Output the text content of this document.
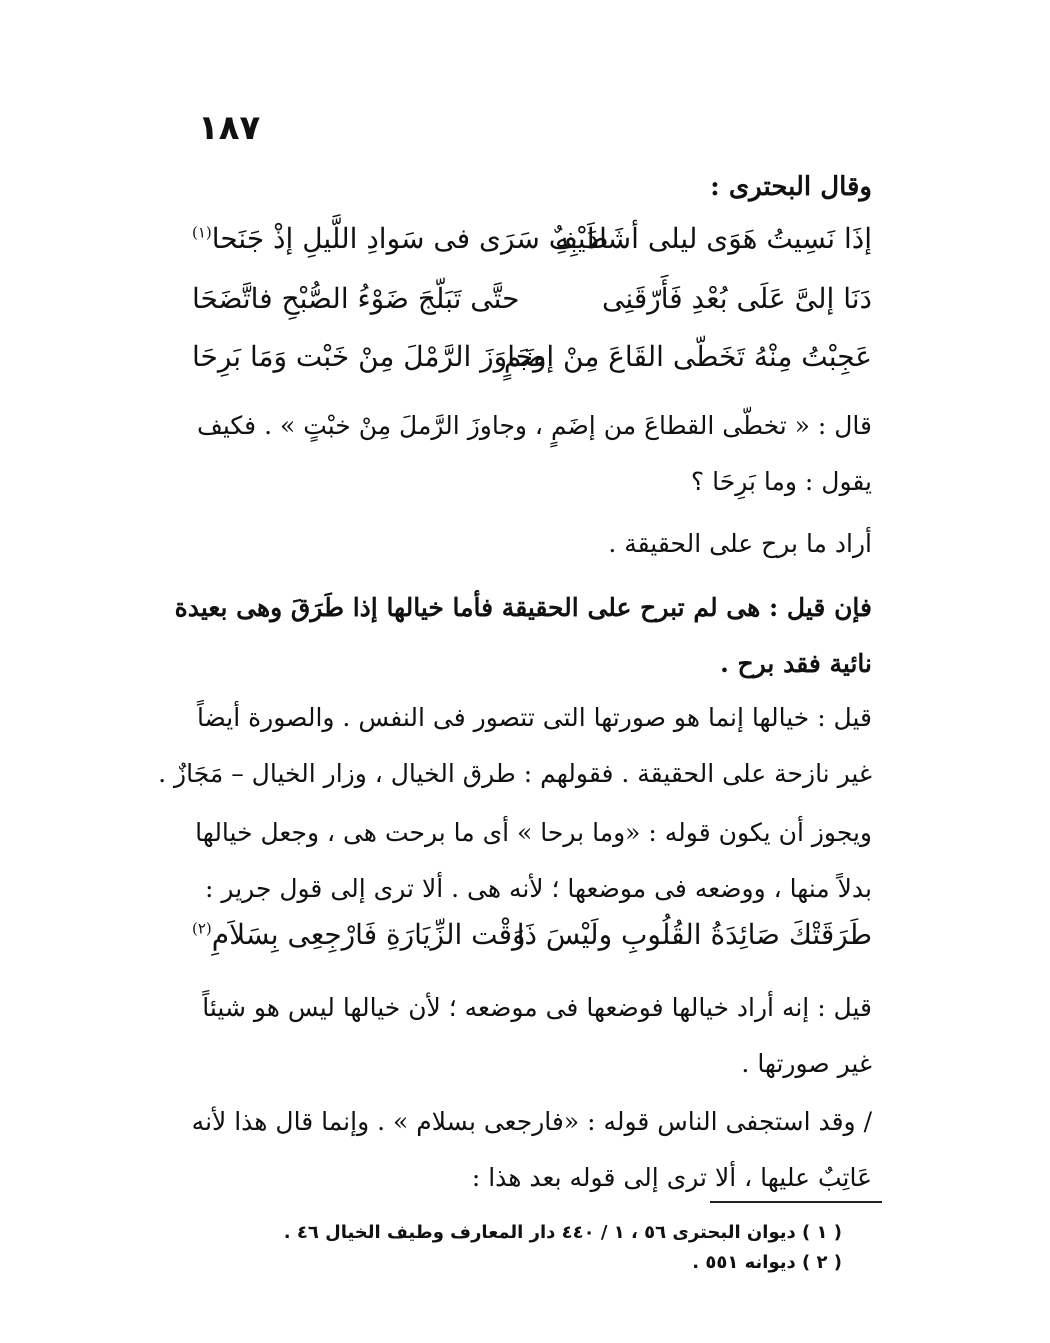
١٨٧
وقال البحترى :
إذَا نَسِيتُ هَوَى ليلى أشَادَ بِهِ
طَيْفٌ سَرَى فى سَوادِ اللَّيلِ إذْ جَنَحا$^{(١)}$
دَنَا إلىَّ عَلَى بُعْدِ فَأَرّقَنِى
حتَّى تَبَلّجَ ضَوْءُ الصُّبْحِ فاتَّضَحَا
عَجِبْتُ مِنْهُ تَخَطّى القَاعَ مِنْ إضَمٍ
وجَاوَزَ الرَّمْلَ مِنْ خَبْت وَمَا بَرِحَا
قال : « تخطّى القطاعَ من إضَمٍ ، وجاوزَ الرَّملَ مِنْ خبْتٍ » . فكيف
يقول : وما بَرِحَا ؟
أراد ما برح على الحقيقة .
فإن قيل : هى لم تبرح على الحقيقة فأما خيالها إذا طَرَقَ وهى بعيدة
نائية فقد برح .
قيل : خيالها إنما هو صورتها التى تتصور فى النفس . والصورة أيضاً
غير نازحة على الحقيقة . فقولهم : طرق الخيال ، وزار الخيال – مَجَازٌ .
ويجوز أن يكون قوله : «وما برحا » أى ما برحت هى ، وجعل خيالها
بدلاً منها ، ووضعه فى موضعها ؛ لأنه هى . ألا ترى إلى قول جرير :
طَرَقَتْكَ صَائِدَةُ القُلُوبِ ولَيْسَ ذَا
وَقْت الزِّيَارَةِ فَارْجِعِى بِسَلاَمِ$^{(٢)}$
قيل : إنه أراد خيالها فوضعها فى موضعه ؛ لأن خيالها ليس هو شيئاً
غير صورتها .
/ وقد استجفى الناس قوله : «فارجعى بسلام » . وإنما قال هذا لأنه
عَاتِبٌ عليها ، ألا ترى إلى قوله بعد هذا :
( ١ ) ديوان البحترى ٥٦ ، ١ / ٤٤٠ دار المعارف وطيف الخيال ٤٦ .
( ٢ ) ديوانه ٥٥١ .
